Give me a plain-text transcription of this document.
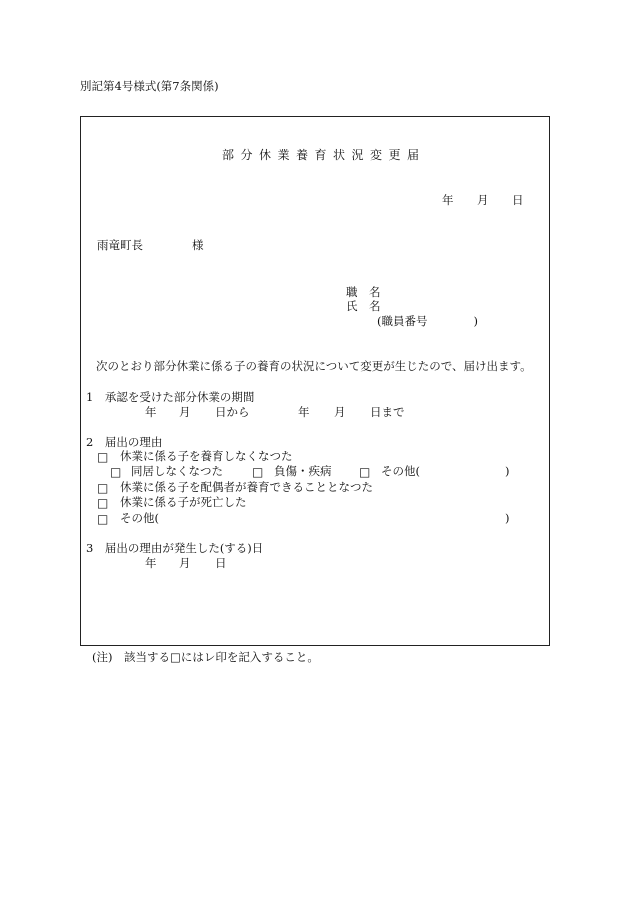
別記第4号様式(第7条関係)
部分休業養育状況変更届
年 月 日
雨竜町長	様
職　名
氏　名
(職員番号　　　　)
次のとおり部分休業に係る子の養育の状況について変更が生じたので、届け出ます。
1　承認を受けた部分休業の期間
年 月 日から	年 月 日まで
2　届出の理由
□ 休業に係る子を養育しなくなつた
□ 同居しなくなつた □ 負傷・疾病 □ その他(	)
□ 休業に係る子を配偶者が養育できることとなつた
□ 休業に係る子が死亡した
□ その他(	)
3　届出の理由が発生した(する)日
年 月 日
(注)　該当する□にはレ印を記入すること。
